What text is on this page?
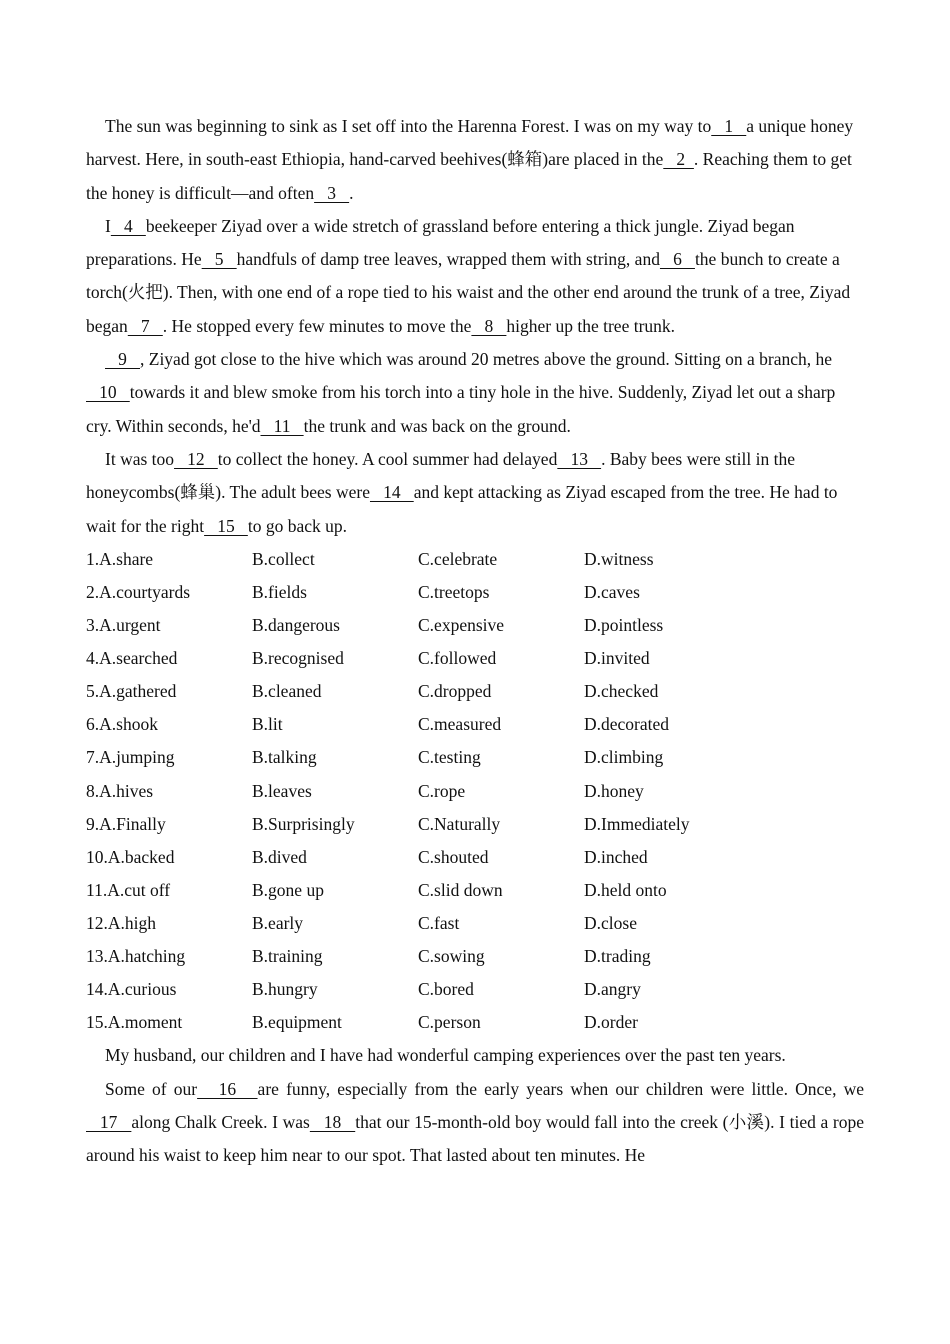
The sun was beginning to sink as I set off into the Harenna Forest. I was on my way to   1   a unique honey harvest. Here, in south-east Ethiopia, hand-carved beehives(蜂箱)are placed in the   2  . Reaching them to get the honey is difficult—and often   3   .

I   4   beekeeper Ziyad over a wide stretch of grassland before entering a thick jungle. Ziyad began preparations. He   5   handfuls of damp tree leaves, wrapped them with string, and   6   the bunch to create a torch(火把). Then, with one end of a rope tied to his waist and the other end around the trunk of a tree, Ziyad began   7   . He stopped every few minutes to move the   8   higher up the tree trunk.

9   , Ziyad got close to the hive which was around 20 metres above the ground. Sitting on a branch, he   10   towards it and blew smoke from his torch into a tiny hole in the hive. Suddenly, Ziyad let out a sharp cry. Within seconds, he'd   11   the trunk and was back on the ground.

It was too   12   to collect the honey. A cool summer had delayed   13   . Baby bees were still in the honeycombs(蜂巢). The adult bees were   14   and kept attacking as Ziyad escaped from the tree. He had to wait for the right   15   to go back up.

1.A.share	B.collect	C.celebrate	D.witness
2.A.courtyards	B.fields	C.treetops	D.caves
3.A.urgent	B.dangerous	C.expensive	D.pointless
4.A.searched	B.recognised	C.followed	D.invited
5.A.gathered	B.cleaned	C.dropped	D.checked
6.A.shook	B.lit	C.measured	D.decorated
7.A.jumping	B.talking	C.testing	D.climbing
8.A.hives	B.leaves	C.rope	D.honey
9.A.Finally	B.Surprisingly	C.Naturally	D.Immediately
10.A.backed	B.dived	C.shouted	D.inched
11.A.cut off	B.gone up	C.slid down	D.held onto
12.A.high	B.early	C.fast	D.close
13.A.hatching	B.training	C.sowing	D.trading
14.A.curious	B.hungry	C.bored	D.angry
15.A.moment	B.equipment	C.person	D.order

My husband, our children and I have had wonderful camping experiences over the past ten years.

Some of our   16   are funny, especially from the early years when our children were little. Once, we   17   along Chalk Creek. I was   18   that our 15-month-old boy would fall into the creek (小溪). I tied a rope around his waist to keep him near to our spot. That lasted about ten minutes. He
